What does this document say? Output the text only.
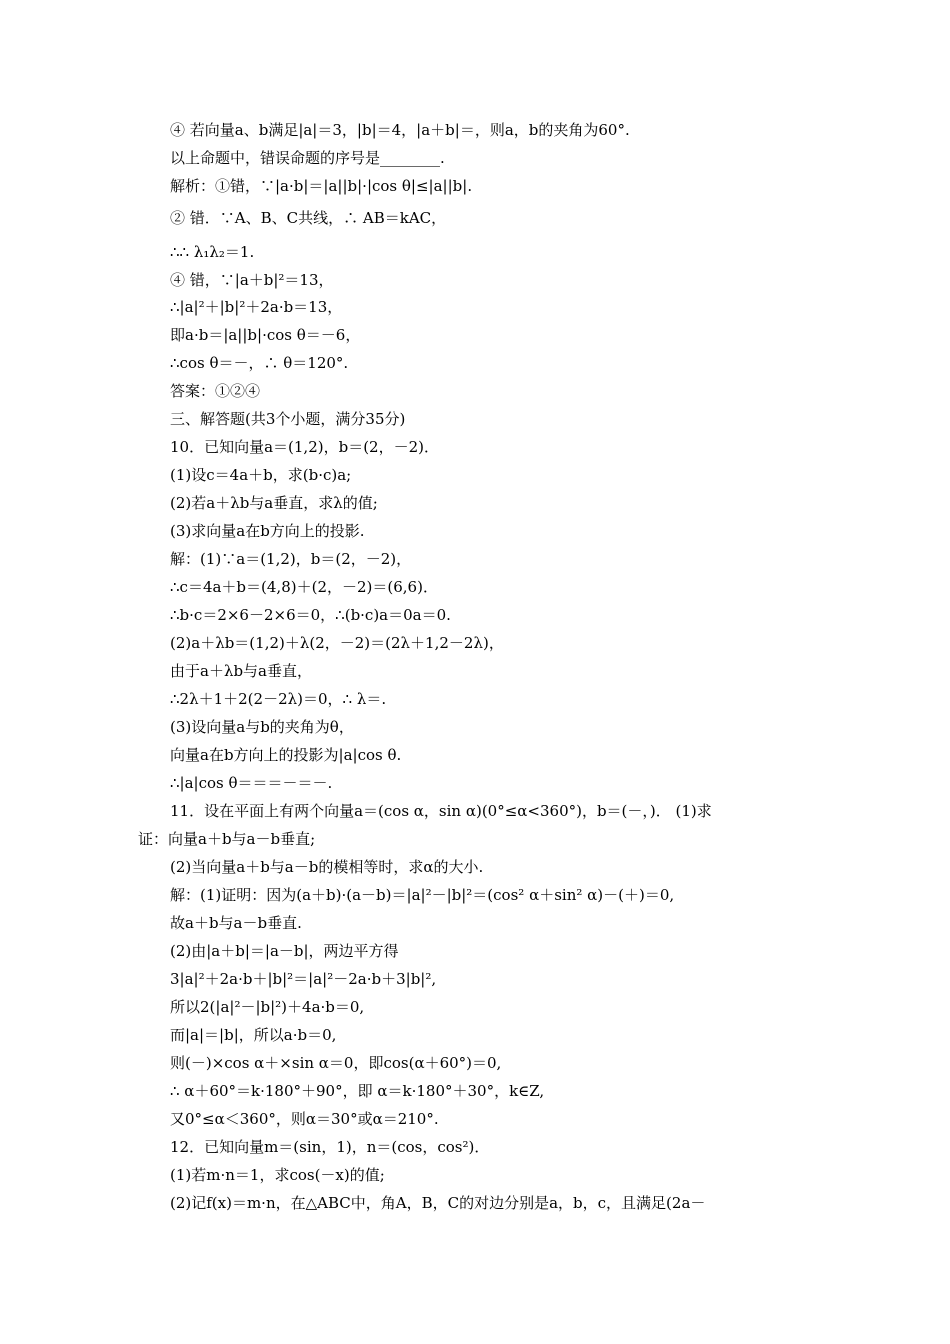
④ 若向量a、b满足|a|＝3，|b|＝4，|a＋b|＝，则a，b的夹角为60°.
以上命题中，错误命题的序号是________.
解析：①错，∵|a·b|＝|a||b|·|cos θ|≤|a||b|.
② 错．∵A、B、C共线，∴ AB＝kAC，
∴∴ λ₁λ₂＝1.
④ 错，∵|a＋b|²＝13，
∴|a|²＋|b|²＋2a·b＝13，
即a·b＝|a||b|·cos θ＝－6，
∴cos θ＝－，∴ θ＝120°.
答案：①②④
三、解答题(共3个小题，满分35分)
10．已知向量a＝(1,2)，b＝(2，－2)．
(1)设c＝4a＋b，求(b·c)a;
(2)若a＋λb与a垂直，求λ的值;
(3)求向量a在b方向上的投影.
解：(1)∵a＝(1,2)，b＝(2，－2)，
∴c＝4a＋b＝(4,8)＋(2，－2)＝(6,6)．
∴b·c＝2×6－2×6＝0，∴(b·c)a＝0a＝0.
(2)a＋λb＝(1,2)＋λ(2，－2)＝(2λ＋1,2－2λ)，
由于a＋λb与a垂直，
∴2λ＋1＋2(2－2λ)＝0，∴ λ＝.
(3)设向量a与b的夹角为θ，
向量a在b方向上的投影为|a|cos θ.
∴|a|cos θ＝＝＝－＝－.
11．设在平面上有两个向量a＝(cos α，sin α)(0°≤α<360°)，b＝(－，)． (1)求
证：向量a＋b与a－b垂直;
(2)当向量a＋b与a－b的模相等时，求α的大小.
解：(1)证明：因为(a＋b)·(a－b)＝|a|²－|b|²＝(cos² α＋sin² α)－(＋)＝0,
故a＋b与a－b垂直.
(2)由|a＋b|＝|a－b|，两边平方得
3|a|²＋2a·b＋|b|²＝|a|²－2a·b＋3|b|²,
所以2(|a|²－|b|²)＋4a·b＝0,
而|a|＝|b|，所以a·b＝0,
则(－)×cos α＋×sin α＝0，即cos(α＋60°)＝0,
∴ α＋60°＝k·180°＋90°，即 α＝k·180°＋30°，k∈Z,
又0°≤α＜360°，则α＝30°或α＝210°.
12．已知向量m＝(sin，1)，n＝(cos，cos²)．
(1)若m·n＝1，求cos(－x)的值;
(2)记f(x)＝m·n，在△ABC中，角A，B，C的对边分别是a，b，c，且满足(2a－
